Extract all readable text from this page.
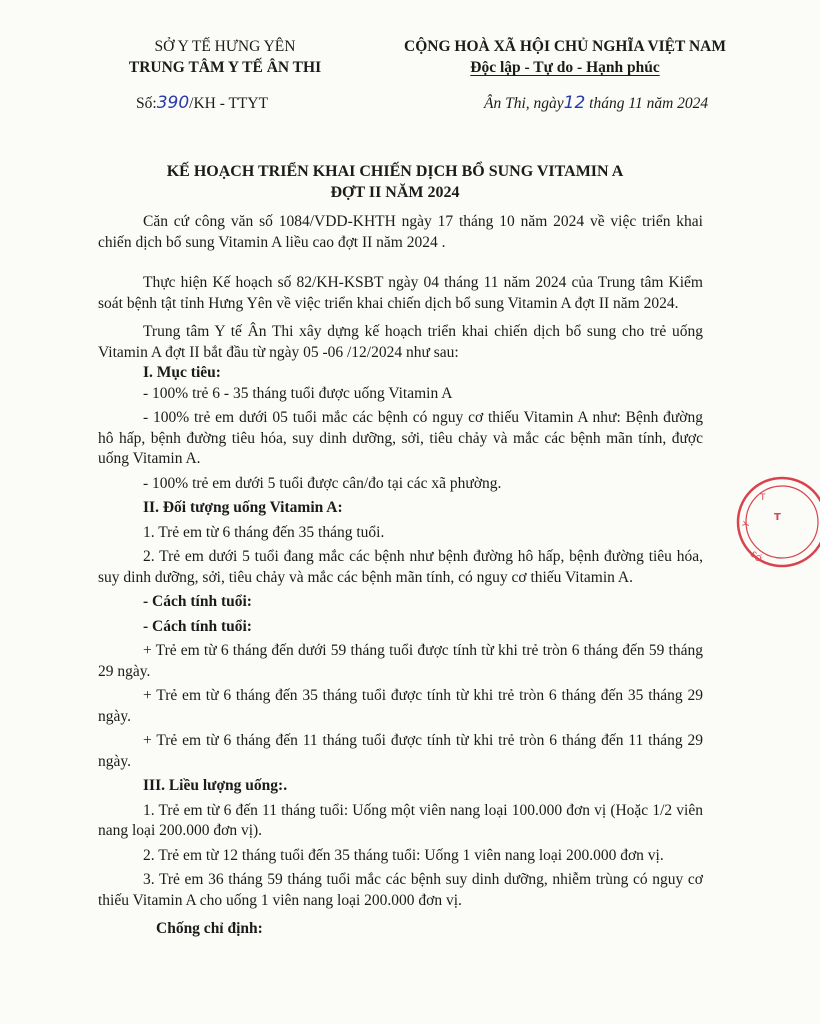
SỞ Y TẾ HƯNG YÊN
TRUNG TÂM Y TẾ ÂN THI
CỘNG HOÀ XÃ HỘI CHỦ NGHĨA VIỆT NAM
Độc lập - Tự do - Hạnh phúc
Số:390/KH - TTYT	Ân Thi, ngày12 tháng 11 năm 2024
KẾ HOẠCH TRIỂN KHAI CHIẾN DỊCH BỔ SUNG VITAMIN A
ĐỢT II NĂM 2024

Căn cứ công văn số 1084/VDD-KHTH ngày 17 tháng 10 năm 2024 về việc triển khai chiến dịch bổ sung Vitamin A liều cao đợt II năm 2024 .

Thực hiện Kế hoạch số 82/KH-KSBT ngày 04 tháng 11 năm 2024 của Trung tâm Kiểm soát bệnh tật tỉnh Hưng Yên về việc triển khai chiến dịch bổ sung Vitamin A đợt II năm 2024.

Trung tâm Y tế Ân Thi xây dựng kế hoạch triển khai chiến dịch bổ sung cho trẻ uống Vitamin A đợt II bắt đầu từ ngày 05 -06 /12/2024 như sau:

I. Mục tiêu:

- 100% trẻ 6 - 35 tháng tuổi được uống Vitamin A

- 100% trẻ em dưới 05 tuổi mắc các bệnh có nguy cơ thiếu Vitamin A như: Bệnh đường hô hấp, bệnh đường tiêu hóa, suy dinh dưỡng, sởi, tiêu chảy và mắc các bệnh mãn tính, được uống Vitamin A.

- 100% trẻ em dưới 5 tuổi được cân/đo tại các xã phường.

II. Đối tượng uống Vitamin A:

1. Trẻ em từ 6 tháng đến 35 tháng tuổi.

2. Trẻ em dưới 5 tuổi đang mắc các bệnh như bệnh đường hô hấp, bệnh đường tiêu hóa, suy dinh dưỡng, sởi, tiêu chảy và mắc các bệnh mãn tính, có nguy cơ thiếu Vitamin A.

- Cách tính tuổi:

- Cách tính tuổi:

+ Trẻ em từ 6 tháng đến dưới 59 tháng tuổi được tính từ khi trẻ tròn 6 tháng đến 59 tháng 29 ngày.

+ Trẻ em từ 6 tháng đến 35 tháng tuổi được tính từ khi trẻ tròn 6 tháng đến 35 tháng 29 ngày.

+ Trẻ em từ 6 tháng đến 11 tháng tuổi được tính từ khi trẻ tròn 6 tháng đến 11 tháng 29 ngày.

III. Liều lượng uống:.

1. Trẻ em từ 6 đến 11 tháng tuổi: Uống một viên nang loại 100.000 đơn vị (Hoặc 1/2 viên nang loại 200.000 đơn vị).

2. Trẻ em từ 12 tháng tuổi đến 35 tháng tuổi: Uống 1 viên nang loại 200.000 đơn vị.

3. Trẻ em 36 tháng 59 tháng tuổi mắc các bệnh suy dinh dưỡng, nhiễm trùng có nguy cơ thiếu Vitamin A cho uống 1 viên nang loại 200.000 đơn vị.

Chống chỉ định:

Y
T
T
SỞ
